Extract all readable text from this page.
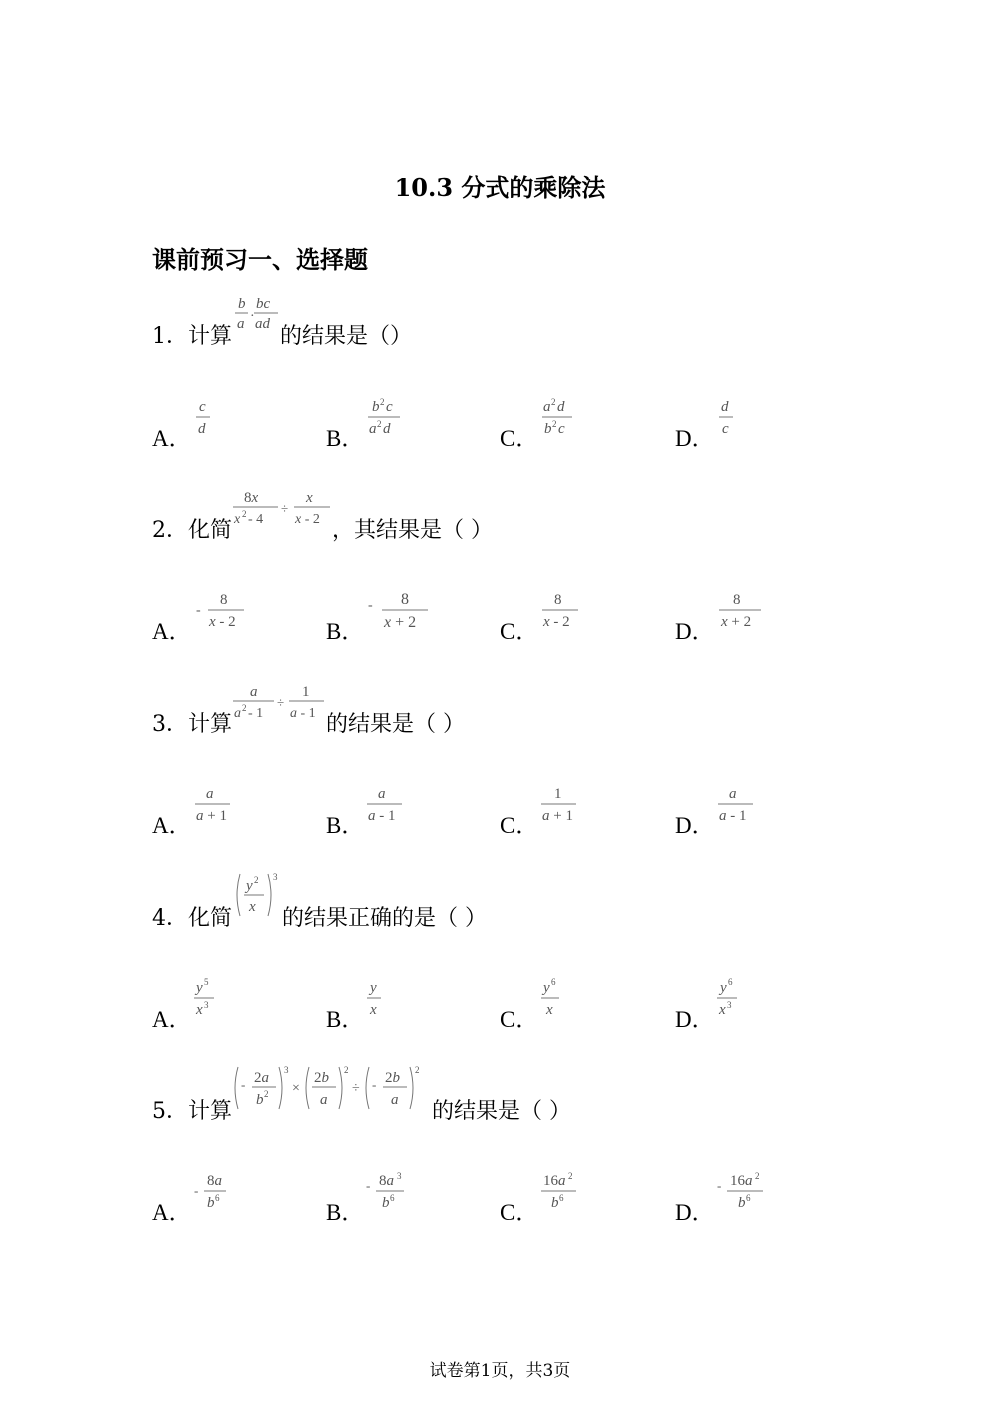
10.3 分式的乘除法
课前预习一、选择题
1．计算
b
a ·
bc
ad 的结果是（）
A．
c
d	B．
b 2 c
a 2 d	C．
a 2 d
b 2 c	D．
d
c
2．化简
8x
x 2 - 4
÷
x
x - 2 ，其结果是（ ）
A．
-
8
x - 2	B．
- 8
x + 2	C．
8
x - 2	D．
8
x + 2
3．计算
a
a 2 - 1
÷
1
a - 1 的结果是（ ）
A．
a
a + 1	B．
a
a - 1	C．
1
a + 1	D．
a
a - 1
4．化简
y 2
x
3
的结果正确的是（ ）
A．
y 5
x 3
B．
y
x	C．
y 6
x	D．
y 6
x 3
5．计算
- 2a
b 2
3
×
2b
a
2
÷ - 2b
a
2
的结果是（ ）
A．
-
8a
b 6
B．
- 8a 3
b 6
C．
16a 2
b 6
D．
- 16a 2
b 6
试卷第1页，共3页
